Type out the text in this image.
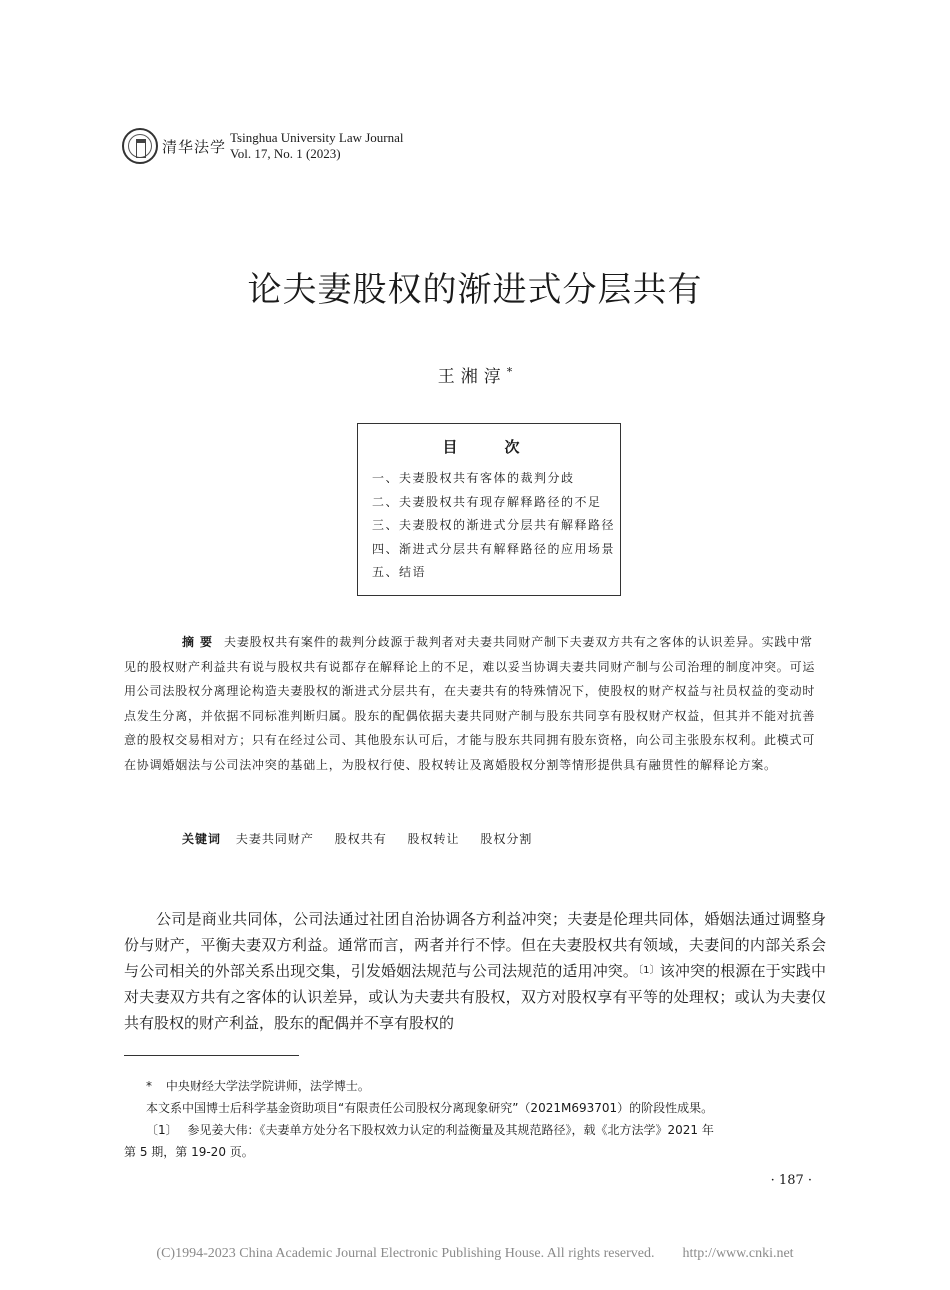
清华法学 Tsinghua University Law Journal
Vol. 17, No. 1 (2023)
论夫妻股权的渐进式分层共有
王湘淳*
目　次
一、夫妻股权共有客体的裁判分歧
二、夫妻股权共有现存解释路径的不足
三、夫妻股权的渐进式分层共有解释路径
四、渐进式分层共有解释路径的应用场景
五、结语
摘要 夫妻股权共有案件的裁判分歧源于裁判者对夫妻共同财产制下夫妻双方共有之客体的认识差异。实践中常见的股权财产利益共有说与股权共有说都存在解释论上的不足，难以妥当协调夫妻共同财产制与公司治理的制度冲突。可运用公司法股权分离理论构造夫妻股权的渐进式分层共有，在夫妻共有的特殊情况下，使股权的财产权益与社员权益的变动时点发生分离，并依据不同标准判断归属。股东的配偶依据夫妻共同财产制与股东共同享有股权财产权益，但其并不能对抗善意的股权交易相对方；只有在经过公司、其他股东认可后，才能与股东共同拥有股东资格，向公司主张股东权利。此模式可在协调婚姻法与公司法冲突的基础上，为股权行使、股权转让及离婚股权分割等情形提供具有融贯性的解释论方案。
关键词 夫妻共同财产 股权共有 股权转让 股权分割
公司是商业共同体，公司法通过社团自治协调各方利益冲突；夫妻是伦理共同体，婚姻法通过调整身份与财产，平衡夫妻双方利益。通常而言，两者并行不悖。但在夫妻股权共有领域，夫妻间的内部关系会与公司相关的外部关系出现交集，引发婚姻法规范与公司法规范的适用冲突。$^{〔1〕}$该冲突的根源在于实践中对夫妻双方共有之客体的认识差异，或认为夫妻共有股权，双方对股权享有平等的处理权；或认为夫妻仅共有股权的财产利益，股东的配偶并不享有股权的
* 中央财经大学法学院讲师，法学博士。
本文系中国博士后科学基金资助项目“有限责任公司股权分离现象研究”（2021M693701）的阶段性成果。
〔1〕 参见姜大伟：《夫妻单方处分名下股权效力认定的利益衡量及其规范路径》，载《北方法学》2021 年
第 5 期，第 19-20 页。
· 187 ·
(C)1994-2023 China Academic Journal Electronic Publishing House. All rights reserved.　　http://www.cnki.net
